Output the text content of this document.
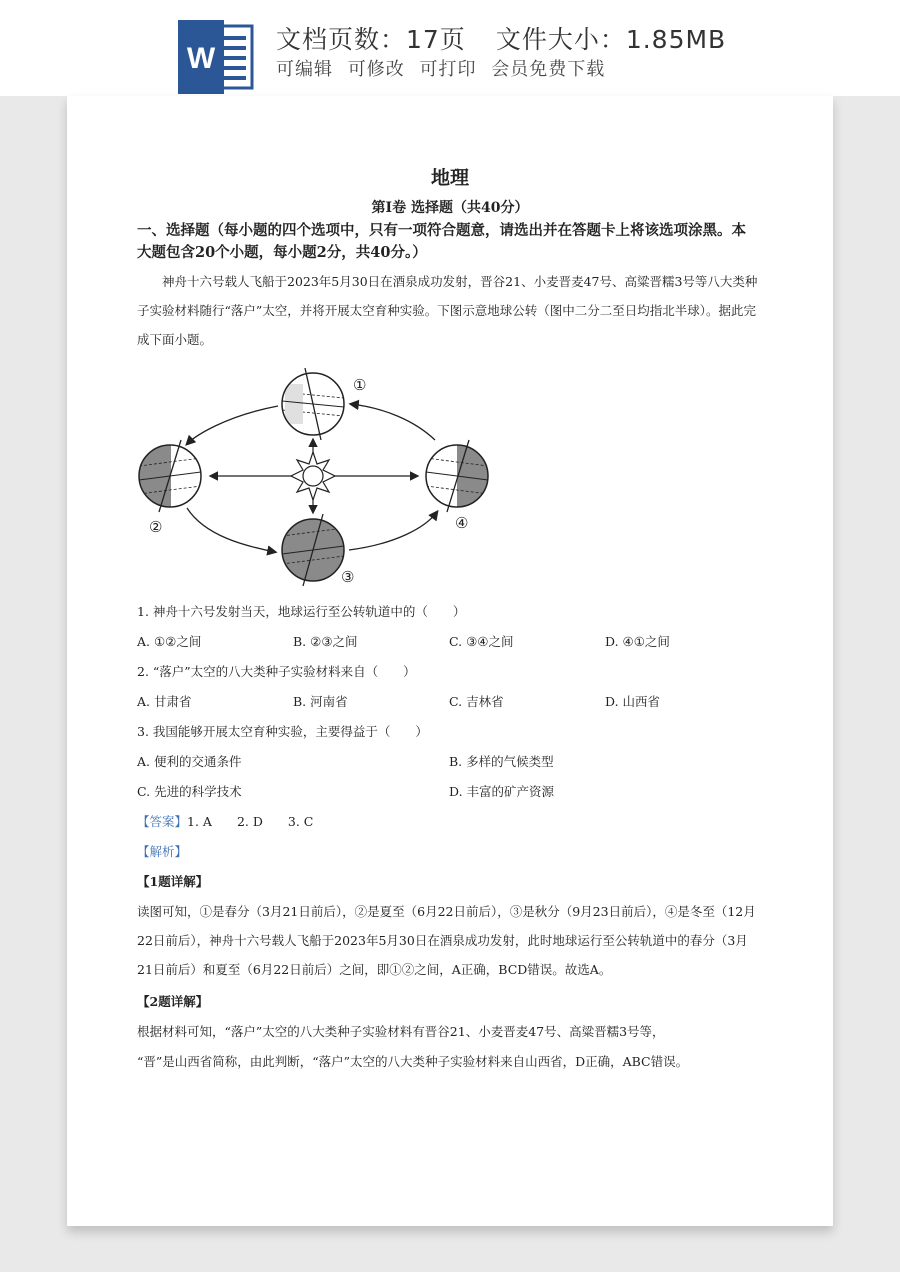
W
文档页数：17页 文件大小：1.85MB
可编辑 可修改 可打印 会员免费下载
地理
第Ⅰ卷 选择题（共40分）
一、选择题（每小题的四个选项中，只有一项符合题意，请选出并在答题卡上将该选项涂黑。本大题包含20个小题，每小题2分，共40分。）
神舟十六号载人飞船于2023年5月30日在酒泉成功发射，晋谷21、小麦晋麦47号、高粱晋糯3号等八大类种子实验材料随行“落户”太空，并将开展太空育种实验。下图示意地球公转（图中二分二至日均指北半球）。据此完成下面小题。
①
②
③
④
1. 神舟十六号发射当天，地球运行至公转轨道中的（　　）
A. ①②之间	B. ②③之间	C. ③④之间	D. ④①之间
2. “落户”太空的八大类种子实验材料来自（　　）
A. 甘肃省	B. 河南省	C. 吉林省	D. 山西省
3. 我国能够开展太空育种实验，主要得益于（　　）
A. 便利的交通条件	B. 多样的气候类型
C. 先进的科学技术	D. 丰富的矿产资源
【答案】1. A　　2. D　　3. C
【解析】
【1题详解】
读图可知，①是春分（3月21日前后），②是夏至（6月22日前后），③是秋分（9月23日前后），④是冬至（12月22日前后），神舟十六号载人飞船于2023年5月30日在酒泉成功发射，此时地球运行至公转轨道中的春分（3月21日前后）和夏至（6月22日前后）之间，即①②之间，A正确，BCD错误。故选A。
【2题详解】
根据材料可知，“落户”太空的八大类种子实验材料有晋谷21、小麦晋麦47号、高粱晋糯3号等，
“晋”是山西省简称，由此判断，“落户”太空的八大类种子实验材料来自山西省，D正确，ABC错误。
